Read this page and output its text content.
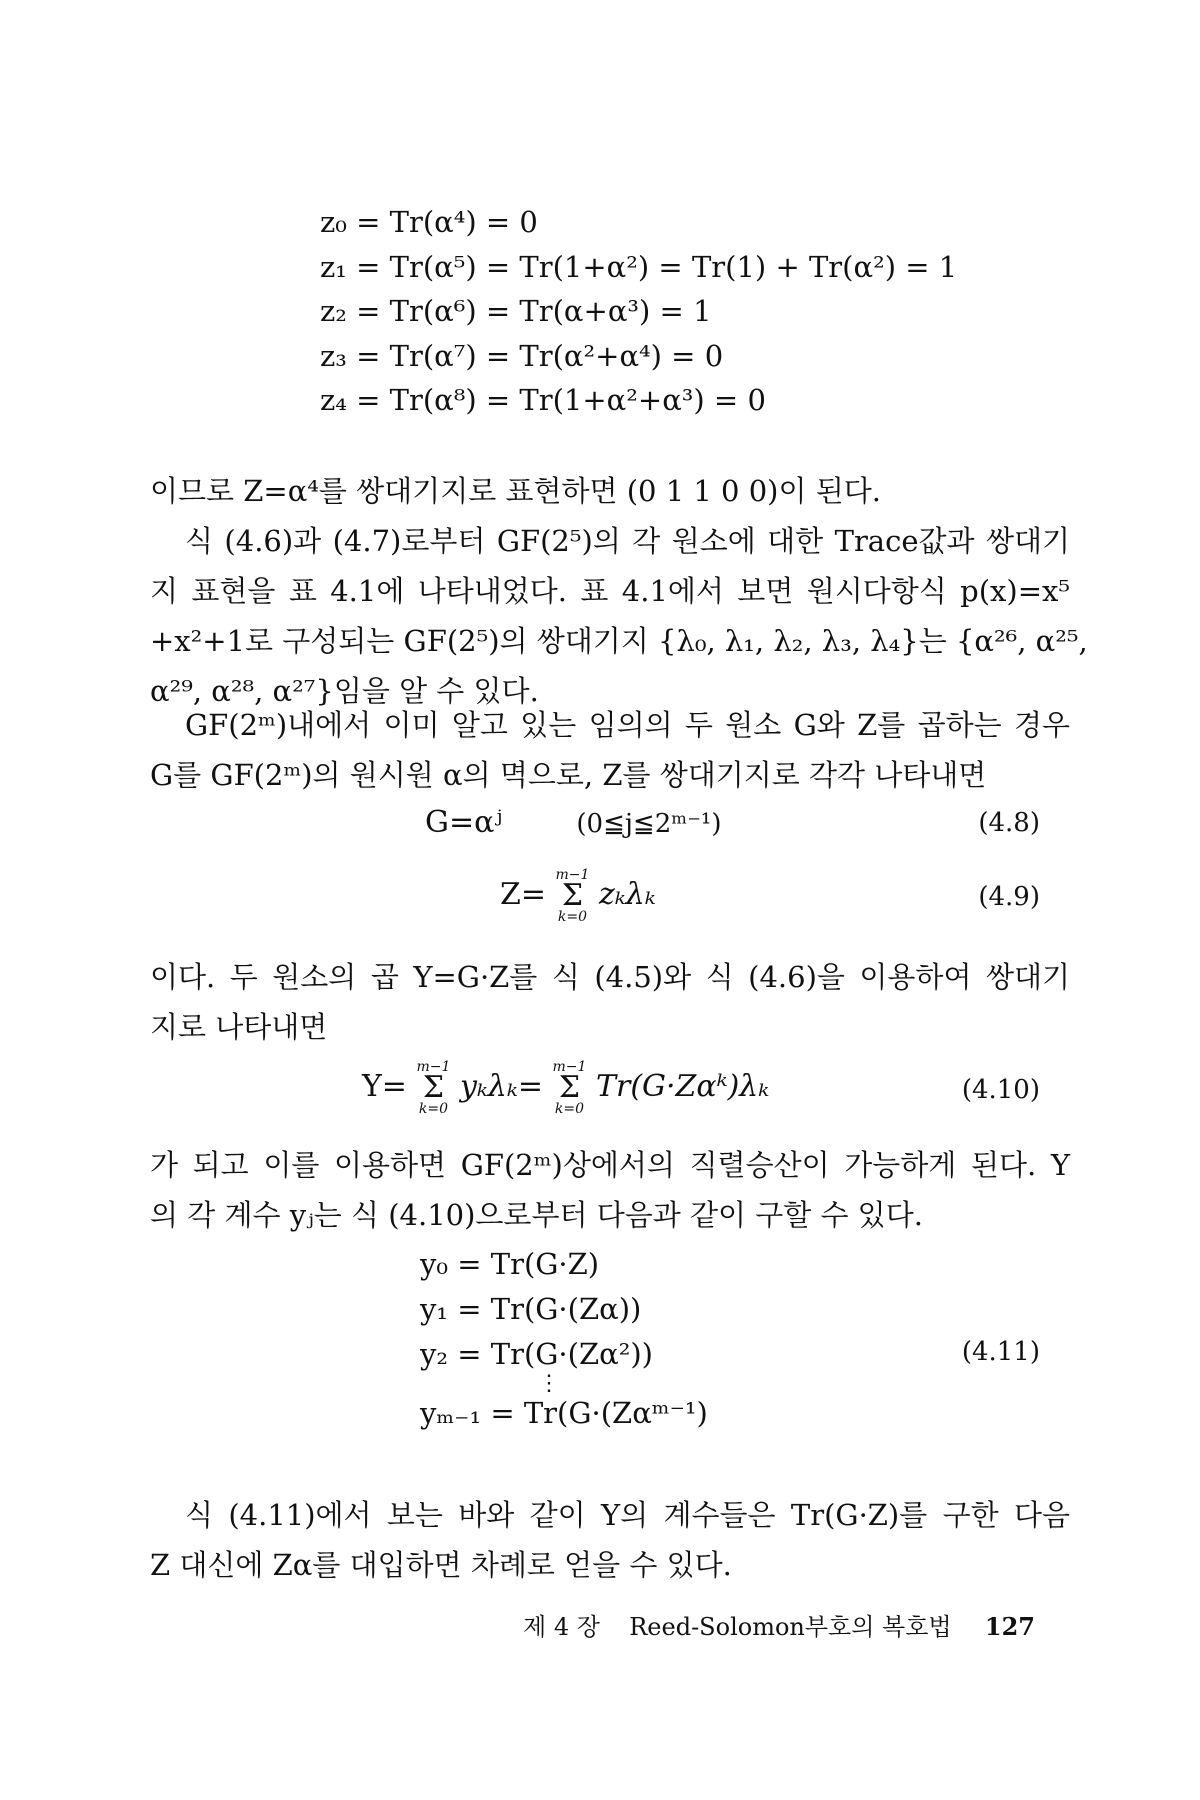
z₀ = Tr(α⁴) = 0
z₁ = Tr(α⁵) = Tr(1+α²) = Tr(1) + Tr(α²) = 1
z₂ = Tr(α⁶) = Tr(α+α³) = 1
z₃ = Tr(α⁷) = Tr(α²+α⁴) = 0
z₄ = Tr(α⁸) = Tr(1+α²+α³) = 0
이므로 Z=α⁴를 쌍대기지로 표현하면 (0 1 1 0 0)이 된다.
식 (4.6)과 (4.7)로부터 GF(2⁵)의 각 원소에 대한 Trace값과 쌍대기
지 표현을 표 4.1에 나타내었다. 표 4.1에서 보면 원시다항식 p(x)=x⁵
+x²+1로 구성되는 GF(2⁵)의 쌍대기지 {λ₀, λ₁, λ₂, λ₃, λ₄}는 {α²⁶, α²⁵,
α²⁹, α²⁸, α²⁷}임을 알 수 있다.
GF(2ᵐ)내에서 이미 알고 있는 임의의 두 원소 G와 Z를 곱하는 경우
G를 GF(2ᵐ)의 원시원 α의 멱으로, Z를 쌍대기지로 각각 나타내면
G=αʲ	(0≦j≦2ᵐ⁻¹)	(4.8)
Z=
m−1
Σ
k=0
zₖλₖ	(4.9)
이다. 두 원소의 곱 Y=G·Z를 식 (4.5)와 식 (4.6)을 이용하여 쌍대기
지로 나타내면
Y=
m−1
Σ
k=0
yₖλₖ=
m−1
Σ
k=0
Tr(G·Zαᵏ)λₖ	(4.10)
가 되고 이를 이용하면 GF(2ᵐ)상에서의 직렬승산이 가능하게 된다. Y
의 각 계수 yⱼ는 식 (4.10)으로부터 다음과 같이 구할 수 있다.
y₀ = Tr(G·Z)
y₁ = Tr(G·(Zα))
y₂ = Tr(G·(Zα²))
⋮
yₘ₋₁ = Tr(G·(Zαᵐ⁻¹)
(4.11)
식 (4.11)에서 보는 바와 같이 Y의 계수들은 Tr(G·Z)를 구한 다음
Z 대신에 Zα를 대입하면 차례로 얻을 수 있다.
제 4 장 Reed-Solomon부호의 복호법 127
